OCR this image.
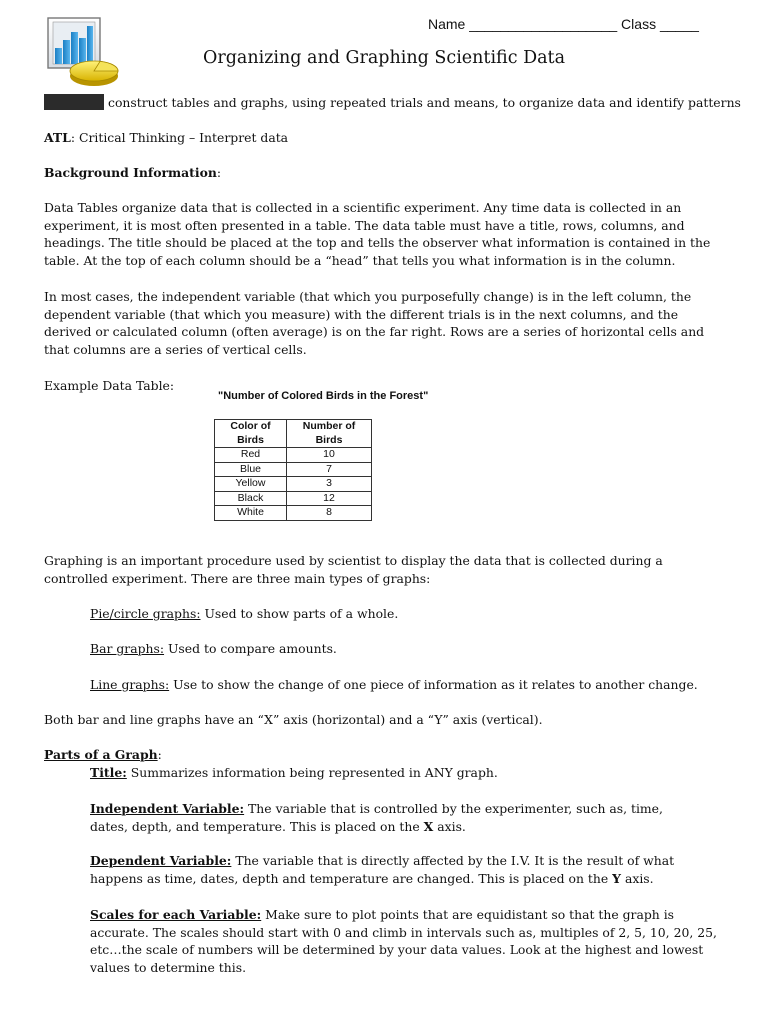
Name ___________________ Class _____
Organizing and Graphing Scientific Data
construct tables and graphs, using repeated trials and means, to organize data and identify patterns
ATL: Critical Thinking – Interpret data
Background Information:

Data Tables organize data that is collected in a scientific experiment. Any time data is collected in an experiment, it is most often presented in a table. The data table must have a title, rows, columns, and headings. The title should be placed at the top and tells the observer what information is contained in the table. At the top of each column should be a “head” that tells you what information is in the column.

In most cases, the independent variable (that which you purposefully change) is in the left column, the dependent variable (that which you measure) with the different trials is in the next columns, and the derived or calculated column (often average) is on the far right. Rows are a series of horizontal cells and that columns are a series of vertical cells.

Example Data Table:
"Number of Colored Birds in the Forest"
Color of Birds	Number of Birds
Red	10
Blue	7
Yellow	3
Black	12
White	8

Graphing is an important procedure used by scientist to display the data that is collected during a controlled experiment. There are three main types of graphs:

Pie/circle graphs: Used to show parts of a whole.
Bar graphs: Used to compare amounts.
Line graphs: Use to show the change of one piece of information as it relates to another change.
Both bar and line graphs have an “X” axis (horizontal) and a “Y” axis (vertical).
Parts of a Graph:
Title: Summarizes information being represented in ANY graph.
Independent Variable: The variable that is controlled by the experimenter, such as, time, dates, depth, and temperature. This is placed on the X axis.
Dependent Variable: The variable that is directly affected by the I.V. It is the result of what happens as time, dates, depth and temperature are changed. This is placed on the Y axis.
Scales for each Variable: Make sure to plot points that are equidistant so that the graph is accurate. The scales should start with 0 and climb in intervals such as, multiples of 2, 5, 10, 20, 25, etc…the scale of numbers will be determined by your data values. Look at the highest and lowest values to determine this.
